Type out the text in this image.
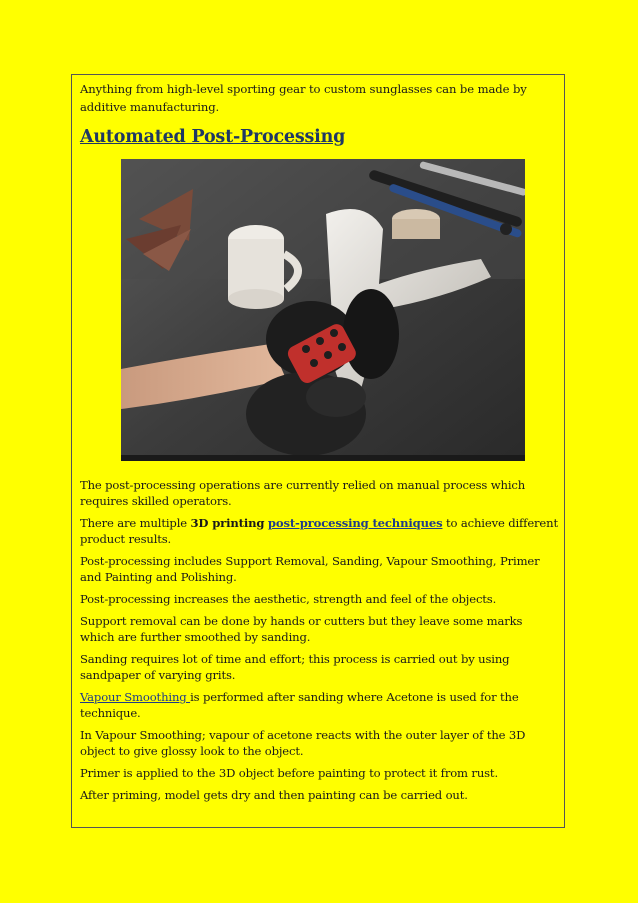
Anything from high-level sporting gear to custom sunglasses can be made by additive manufacturing.

Automated Post-Processing

The post-processing operations are currently relied on manual process which requires skilled operators.

There are multiple 3D printing post-processing techniques to achieve different product results.

Post-processing includes Support Removal, Sanding, Vapour Smoothing, Primer and Painting and Polishing.

Post-processing increases the aesthetic, strength and feel of the objects.

Support removal can be done by hands or cutters but they leave some marks which are further smoothed by sanding.

Sanding requires lot of time and effort; this process is carried out by using sandpaper of varying grits.

Vapour Smoothing is performed after sanding where Acetone is used for the technique.

In Vapour Smoothing; vapour of acetone reacts with the outer layer of the 3D object to give glossy look to the object.

Primer is applied to the 3D object before painting to protect it from rust.

After priming, model gets dry and then painting can be carried out.
